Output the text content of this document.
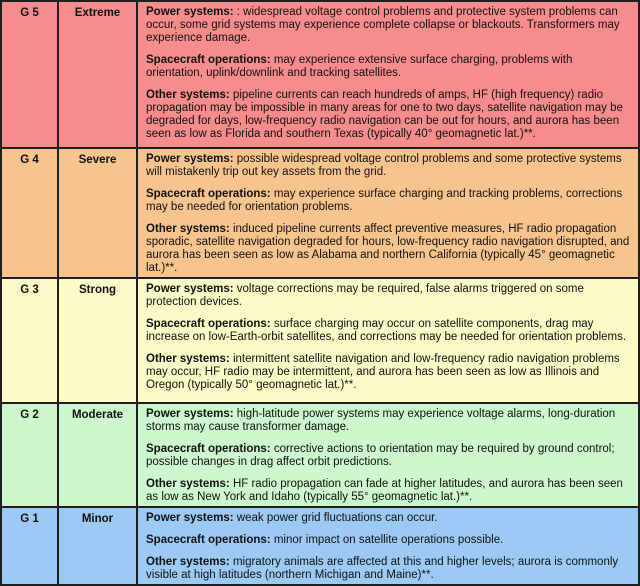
G 5	Extreme	Power systems: : widespread voltage control problems and protective system problems can occur, some grid systems may experience complete collapse or blackouts. Transformers may experience damage.

Spacecraft operations: may experience extensive surface charging, problems with orientation, uplink/downlink and tracking satellites.

Other systems: pipeline currents can reach hundreds of amps, HF (high frequency) radio propagation may be impossible in many areas for one to two days, satellite navigation may be degraded for days, low-frequency radio navigation can be out for hours, and aurora has been seen as low as Florida and southern Texas (typically 40° geomagnetic lat.)**.

G 4	Severe	Power systems: possible widespread voltage control problems and some protective systems will mistakenly trip out key assets from the grid.

Spacecraft operations: may experience surface charging and tracking problems, corrections may be needed for orientation problems.

Other systems: induced pipeline currents affect preventive measures, HF radio propagation sporadic, satellite navigation degraded for hours, low-frequency radio navigation disrupted, and aurora has been seen as low as Alabama and northern California (typically 45° geomagnetic lat.)**.

G 3	Strong	Power systems: voltage corrections may be required, false alarms triggered on some protection devices.

Spacecraft operations: surface charging may occur on satellite components, drag may increase on low-Earth-orbit satellites, and corrections may be needed for orientation problems.

Other systems: intermittent satellite navigation and low-frequency radio navigation problems may occur, HF radio may be intermittent, and aurora has been seen as low as Illinois and Oregon (typically 50° geomagnetic lat.)**.

G 2	Moderate	Power systems: high-latitude power systems may experience voltage alarms, long-duration storms may cause transformer damage.

Spacecraft operations: corrective actions to orientation may be required by ground control; possible changes in drag affect orbit predictions.

Other systems: HF radio propagation can fade at higher latitudes, and aurora has been seen as low as New York and Idaho (typically 55° geomagnetic lat.)**.

G 1	Minor	Power systems: weak power grid fluctuations can occur.

Spacecraft operations: minor impact on satellite operations possible.

Other systems: migratory animals are affected at this and higher levels; aurora is commonly visible at high latitudes (northern Michigan and Maine)**.
